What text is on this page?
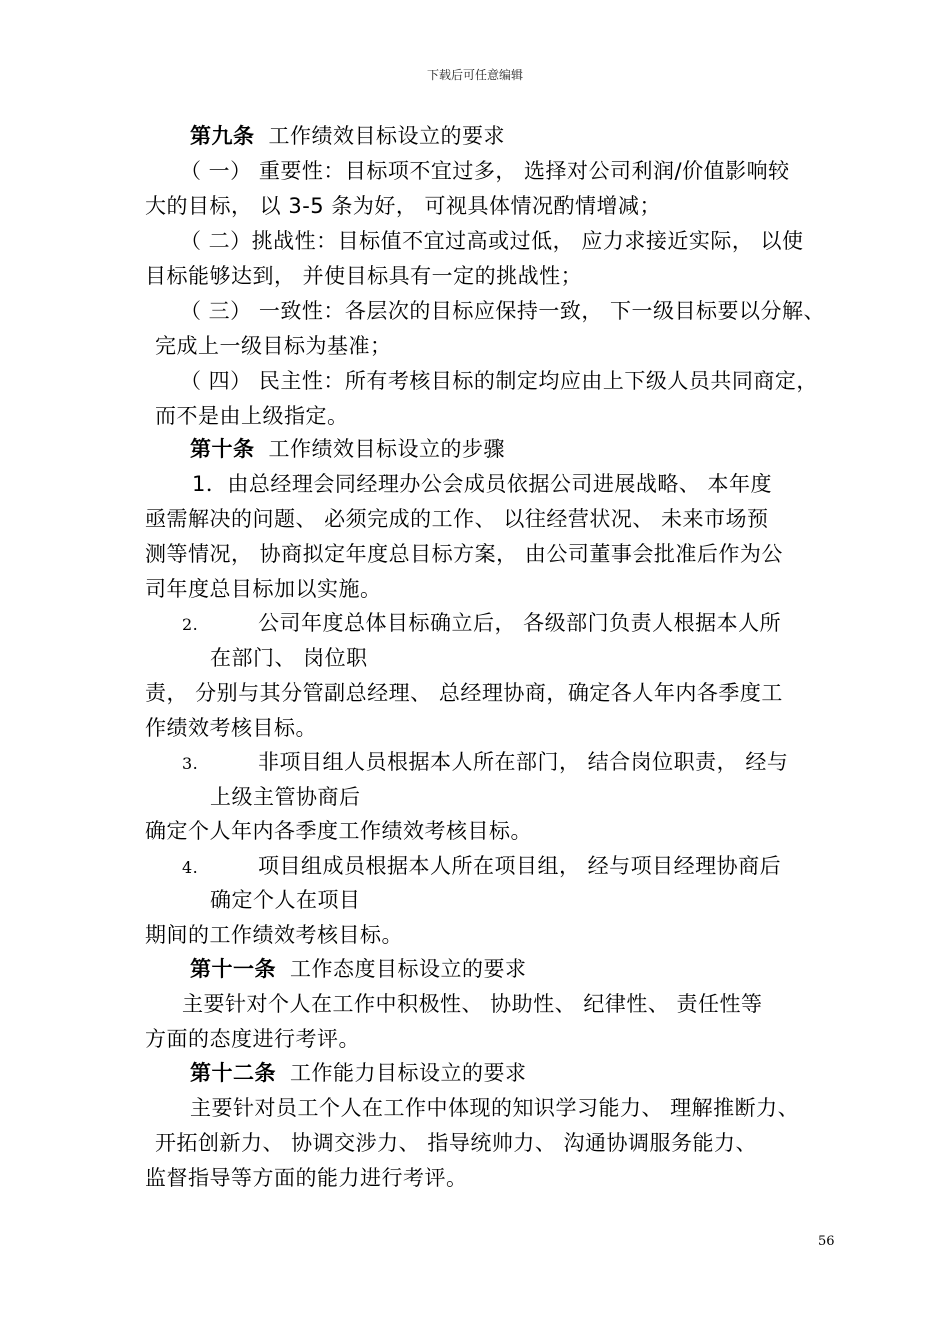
下载后可任意编辑
第九条 工作绩效目标设立的要求
（ 一） 重要性：目标项不宜过多， 选择对公司利润/价值影响较
大的目标， 以 3-5 条为好， 可视具体情况酌情增减；
（ 二）挑战性：目标值不宜过高或过低， 应力求接近实际， 以使
目标能够达到， 并使目标具有一定的挑战性；
（ 三） 一致性：各层次的目标应保持一致， 下一级目标要以分解、
完成上一级目标为基准；
（ 四） 民主性：所有考核目标的制定均应由上下级人员共同商定，
而不是由上级指定。
第十条 工作绩效目标设立的步骤
1．由总经理会同经理办公会成员依据公司进展战略、 本年度
亟需解决的问题、 必须完成的工作、 以往经营状况、 未来市场预
测等情况， 协商拟定年度总目标方案， 由公司董事会批准后作为公
司年度总目标加以实施。
2.	公司年度总体目标确立后， 各级部门负责人根据本人所
在部门、 岗位职
责， 分别与其分管副总经理、 总经理协商，确定各人年内各季度工
作绩效考核目标。
3.	非项目组人员根据本人所在部门， 结合岗位职责， 经与
上级主管协商后
确定个人年内各季度工作绩效考核目标。
4.	项目组成员根据本人所在项目组， 经与项目经理协商后
确定个人在项目
期间的工作绩效考核目标。
第十一条 工作态度目标设立的要求
主要针对个人在工作中积极性、 协助性、 纪律性、 责任性等
方面的态度进行考评。
第十二条 工作能力目标设立的要求
主要针对员工个人在工作中体现的知识学习能力、 理解推断力、
开拓创新力、 协调交涉力、 指导统帅力、 沟通协调服务能力、
监督指导等方面的能力进行考评。
56
